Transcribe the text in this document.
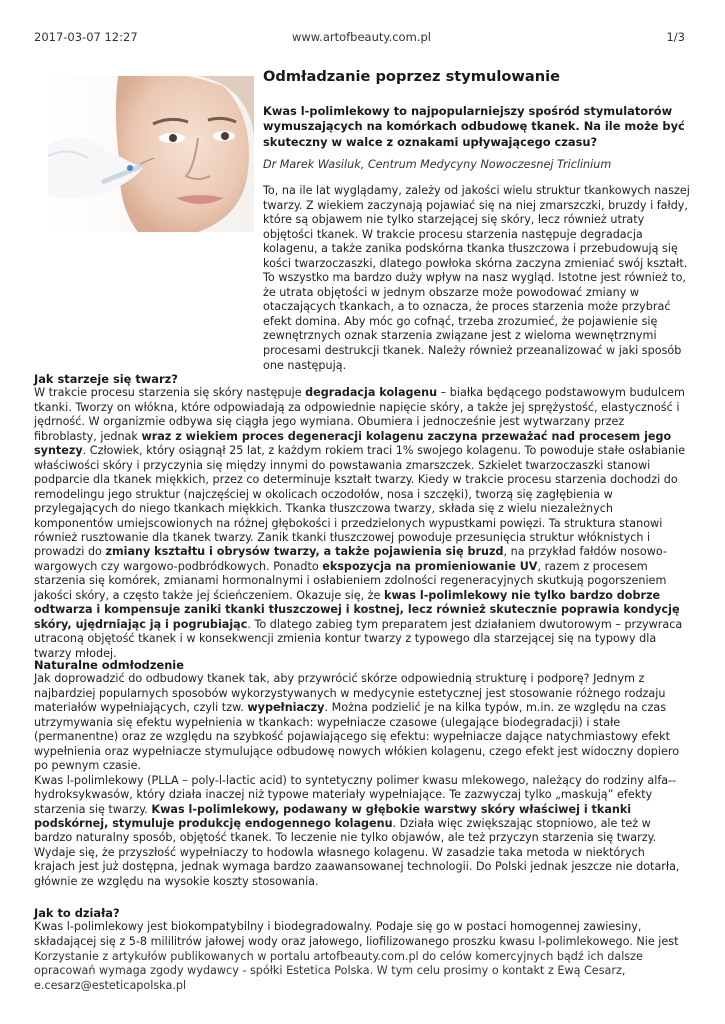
2017-03-07 12:27	www.artofbeauty.com.pl	1/3
Odmładzanie poprzez stymulowanie
Kwas l-polimlekowy to najpopularniejszy spośród stymulatorów wymuszających na komórkach odbudowę tkanek. Na ile może być skuteczny w walce z oznakami upływającego czasu?
Dr Marek Wasiluk, Centrum Medycyny Nowoczesnej Triclinium

To, na ile lat wyglądamy, zależy od jakości wielu struktur tkankowych naszej twarzy. Z wiekiem zaczynają pojawiać się na niej zmarszczki, bruzdy i fałdy, które są objawem nie tylko starzejącej się skóry, lecz również utraty objętości tkanek. W trakcie procesu starzenia następuje degradacja kolagenu, a także zanika podskórna tkanka tłuszczowa i przebudowują się kości twarzoczaszki, dlatego powłoka skórna zaczyna zmieniać swój kształt. To wszystko ma bardzo duży wpływ na nasz wygląd. Istotne jest również to, że utrata objętości w jednym obszarze może powodować zmiany w otaczających tkankach, a to oznacza, że proces starzenia może przybrać efekt domina. Aby móc go cofnąć, trzeba zrozumieć, że pojawienie się zewnętrznych oznak starzenia związane jest z wieloma wewnętrznymi procesami destrukcji tkanek. Należy również przeanalizować w jaki sposób one następują.

Jak starzeje się twarz?

W trakcie procesu starzenia się skóry następuje degradacja kolagenu – białka będącego podstawowym budulcem tkanki. Tworzy on włókna, które odpowiadają za odpowiednie napięcie skóry, a także jej sprężystość, elastyczność i jędrność. W organizmie odbywa się ciągła jego wymiana. Obumiera i jednocześnie jest wytwarzany przez fibroblasty, jednak wraz z wiekiem proces degeneracji kolagenu zaczyna przeważać nad procesem jego syntezy. Człowiek, który osiągnął 25 lat, z każdym rokiem traci 1% swojego kolagenu. To powoduje stałe osłabianie właściwości skóry i przyczynia się między innymi do powstawania zmarszczek. Szkielet twarzoczaszki stanowi podparcie dla tkanek miękkich, przez co determinuje kształt twarzy. Kiedy w trakcie procesu starzenia dochodzi do remodelingu jego struktur (najczęściej w okolicach oczodołów, nosa i szczęki), tworzą się zagłębienia w przylegających do niego tkankach miękkich. Tkanka tłuszczowa twarzy, składa się z wielu niezależnych komponentów umiejscowionych na różnej głębokości i przedzielonych wypustkami powięzi. Ta struktura stanowi również rusztowanie dla tkanek twarzy. Zanik tkanki tłuszczowej powoduje przesunięcia struktur włóknistych i prowadzi do zmiany kształtu i obrysów twarzy, a także pojawienia się bruzd, na przykład fałdów nosowo-wargowych czy wargowo-podbródkowych. Ponadto ekspozycja na promieniowanie UV, razem z procesem starzenia się komórek, zmianami hormonalnymi i osłabieniem zdolności regeneracyjnych skutkują pogorszeniem jakości skóry, a często także jej ścieńczeniem. Okazuje się, że kwas l-polimlekowy nie tylko bardzo dobrze odtwarza i kompensuje zaniki tkanki tłuszczowej i kostnej, lecz również skutecznie poprawia kondycję skóry, ujędrniając ją i pogrubiając. To dlatego zabieg tym preparatem jest działaniem dwutorowym – przywraca utraconą objętość tkanek i w konsekwencji zmienia kontur twarzy z typowego dla starzejącej się na typowy dla twarzy młodej.

Naturalne odmłodzenie

Jak doprowadzić do odbudowy tkanek tak, aby przywrócić skórze odpowiednią strukturę i podporę? Jednym z najbardziej popularnych sposobów wykorzystywanych w medycynie estetycznej jest stosowanie różnego rodzaju materiałów wypełniających, czyli tzw. wypełniaczy. Można podzielić je na kilka typów, m.in. ze względu na czas utrzymywania się efektu wypełnienia w tkankach: wypełniacze czasowe (ulegające biodegradacji) i stałe (permanentne) oraz ze względu na szybkość pojawiającego się efektu: wypełniacze dające natychmiastowy efekt wypełnienia oraz wypełniacze stymulujące odbudowę nowych włókien kolagenu, czego efekt jest widoczny dopiero po pewnym czasie.

Kwas l-polimlekowy (PLLA – poly-l-lactic acid) to syntetyczny polimer kwasu mlekowego, należący do rodziny alfa--hydroksykwasów, który działa inaczej niż typowe materiały wypełniające. Te zazwyczaj tylko „maskują” efekty starzenia się twarzy. Kwas l-polimlekowy, podawany w głębokie warstwy skóry właściwej i tkanki podskórnej, stymuluje produkcję endogennego kolagenu. Działa więc zwiększając stopniowo, ale też w bardzo naturalny sposób, objętość tkanek. To leczenie nie tylko objawów, ale też przyczyn starzenia się twarzy.

Wydaje się, że przyszłość wypełniaczy to hodowla własnego kolagenu. W zasadzie taka metoda w niektórych krajach jest już dostępna, jednak wymaga bardzo zaawansowanej technologii. Do Polski jednak jeszcze nie dotarła, głównie ze względu na wysokie koszty stosowania.

Jak to działa?

Kwas l-polimlekowy jest biokompatybilny i biodegradowalny. Podaje się go w postaci homogennej zawiesiny, składającej się z 5-8 mililitrów jałowej wody oraz jałowego, liofilizowanego proszku kwasu l-polimlekowego. Nie jest

Korzystanie z artykułów publikowanych w portalu artofbeauty.com.pl do celów komercyjnych bądź ich dalsze opracowań wymaga zgody wydawcy - spółki Estetica Polska. W tym celu prosimy o kontakt z Ewą Cesarz, e.cesarz@esteticapolska.pl
